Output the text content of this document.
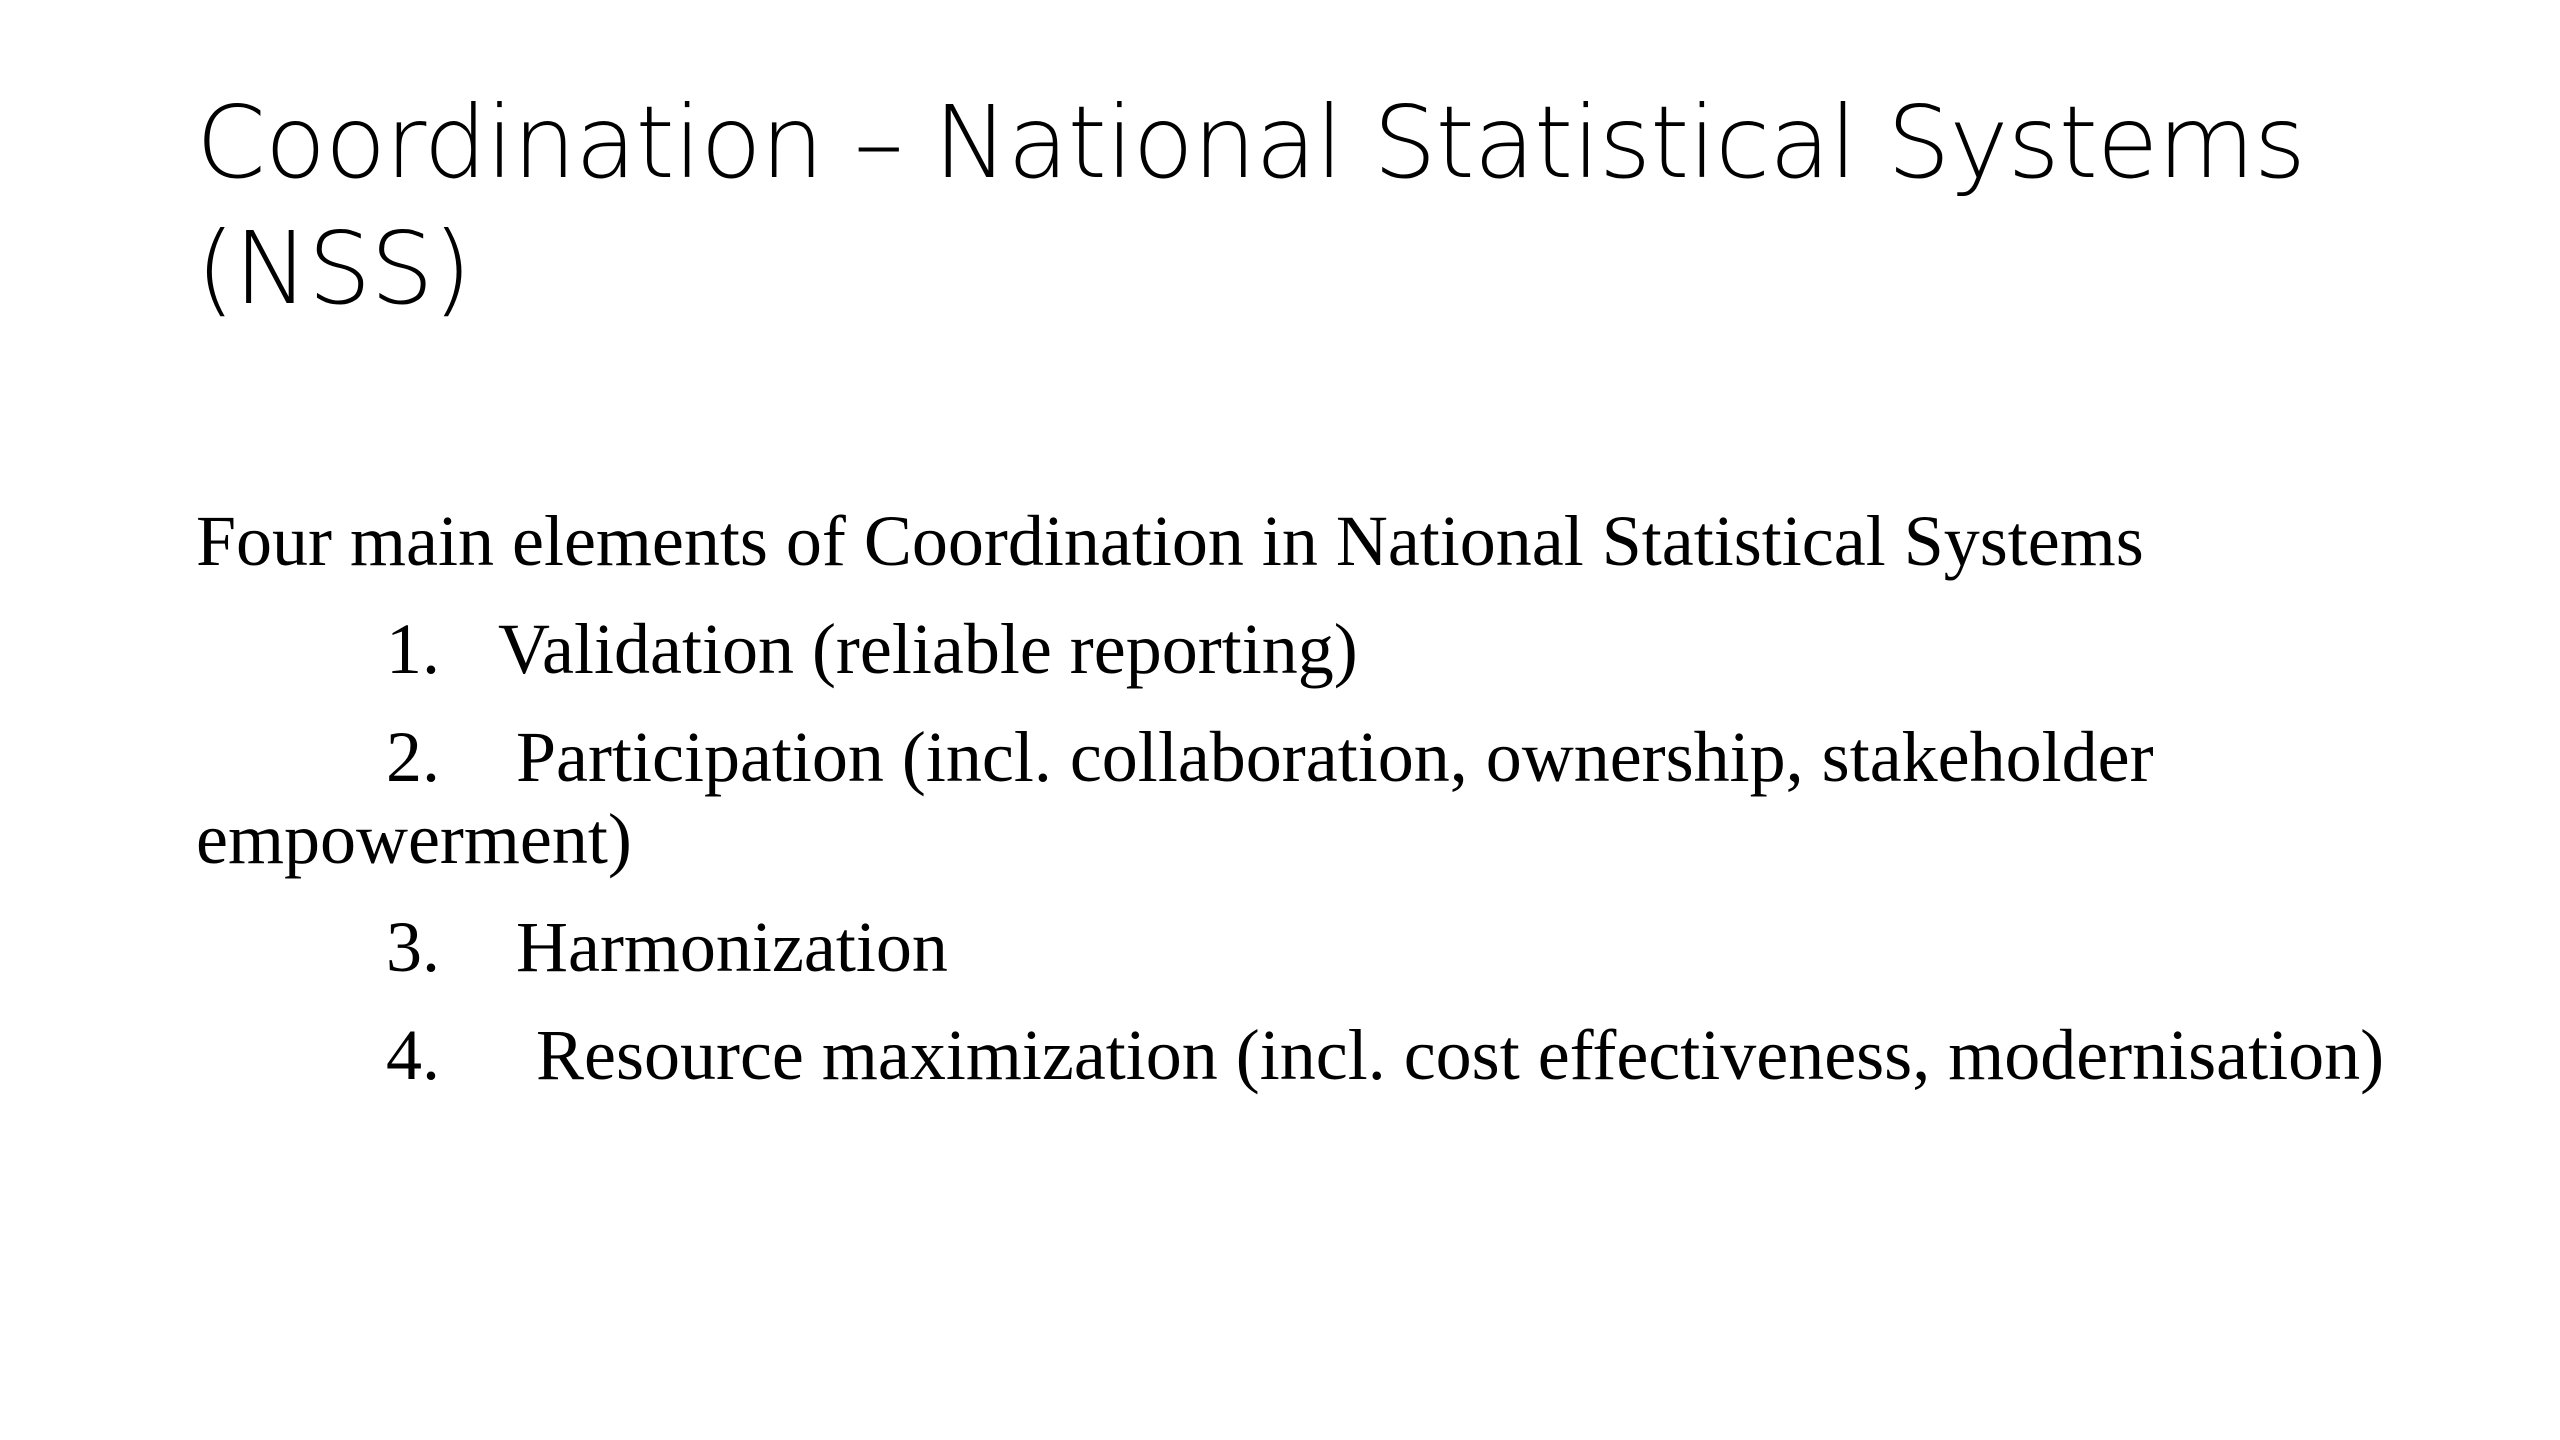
Coordination – National Statistical Systems (NSS)

Four main elements of Coordination in National Statistical Systems

1. Validation (reliable reporting)
2. Participation (incl. collaboration, ownership, stakeholder empowerment)
3. Harmonization
4. Resource maximization (incl. cost effectiveness, modernisation)
